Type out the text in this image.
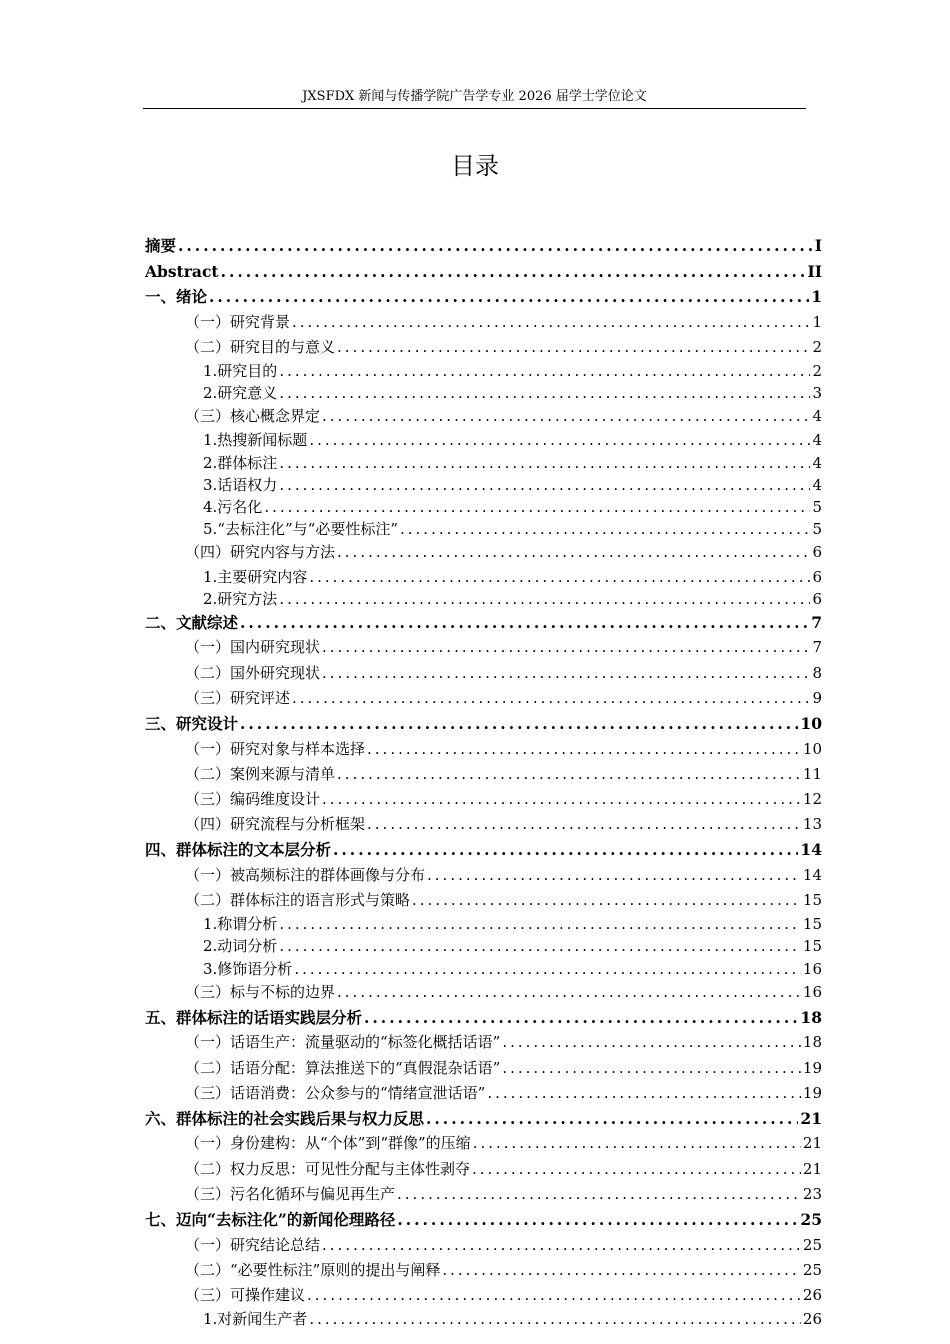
JXSFDX 新闻与传播学院广告学专业 2026 届学士学位论文
目录
摘要 .....	I
Abstract .....	II
一、绪论 .....	1
（一）研究背景 .....	1
（二）研究目的与意义 .....	2
1.研究目的 .....	2
2.研究意义 .....	3
（三）核心概念界定 .....	4
1.热搜新闻标题 .....	4
2.群体标注 .....	4
3.话语权力 .....	4
4.污名化 .....	5
5.“去标注化”与“必要性标注” .....	5
（四）研究内容与方法 .....	6
1.主要研究内容 .....	6
2.研究方法 .....	6
二、文献综述 .....	7
（一）国内研究现状 .....	7
（二）国外研究现状 .....	8
（三）研究评述 .....	9
三、研究设计 .....	10
（一）研究对象与样本选择 .....	10
（二）案例来源与清单 .....	11
（三）编码维度设计 .....	12
（四）研究流程与分析框架 .....	13
四、群体标注的文本层分析 .....	14
（一）被高频标注的群体画像与分布 .....	14
（二）群体标注的语言形式与策略 .....	15
1.称谓分析 .....	15
2.动词分析 .....	15
3.修饰语分析 .....	16
（三）标与不标的边界 .....	16
五、群体标注的话语实践层分析 .....	18
（一）话语生产：流量驱动的“标签化概括话语” .....	18
（二）话语分配：算法推送下的“真假混杂话语” .....	19
（三）话语消费：公众参与的“情绪宣泄话语” .....	19
六、群体标注的社会实践后果与权力反思 .....	21
（一）身份建构：从“个体”到“群像”的压缩 .....	21
（二）权力反思：可见性分配与主体性剥夺 .....	21
（三）污名化循环与偏见再生产 .....	23
七、迈向“去标注化”的新闻伦理路径 .....	25
（一）研究结论总结 .....	25
（二）“必要性标注”原则的提出与阐释 .....	25
（三）可操作建议 .....	26
1.对新闻生产者 .....	26
